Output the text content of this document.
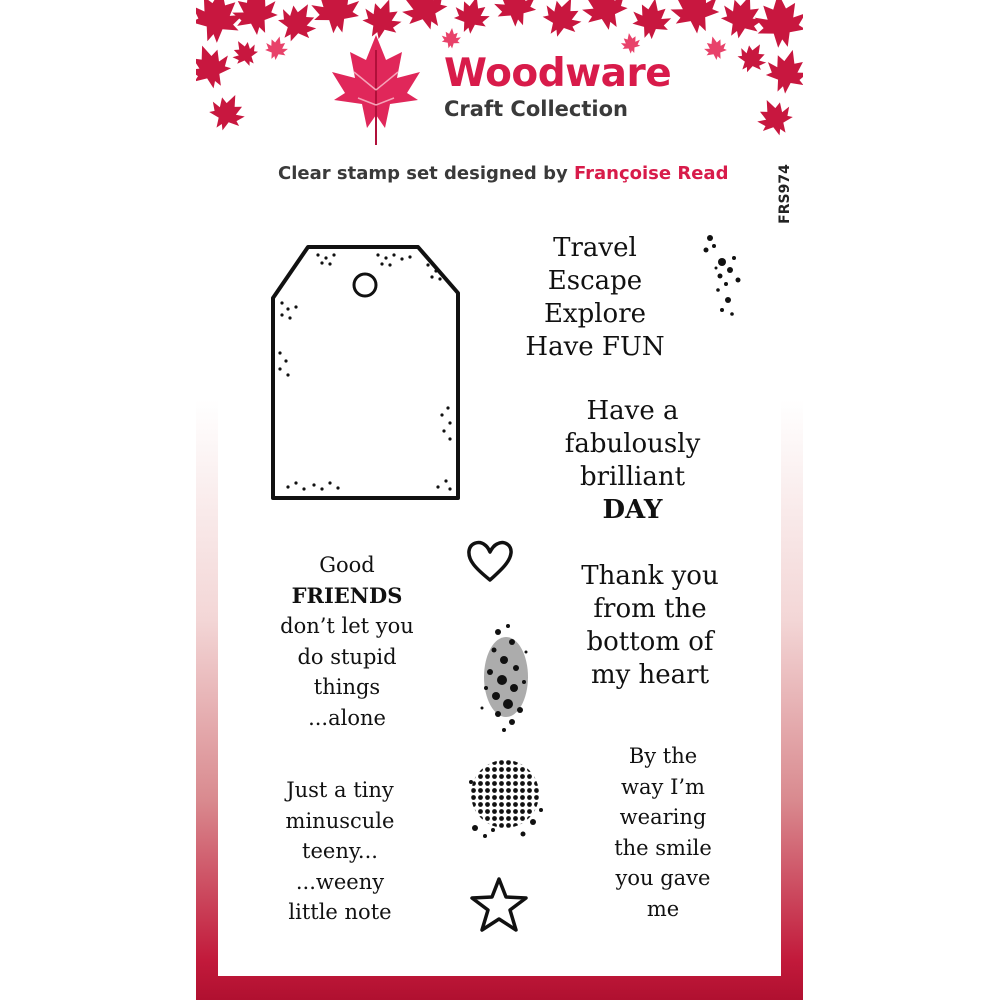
Woodware
Craft Collection
Clear stamp set designed by Françoise Read	FRS974
Travel
Escape
Explore
Have FUN
Have a
fabulously
brilliant
DAY
Good
FRIENDS
don’t let you
do stupid
things
...alone
Thank you
from the
bottom of
my heart
Just a tiny
minuscule
teeny...
...weeny
little note
By the
way I’m
wearing
the smile
you gave
me
